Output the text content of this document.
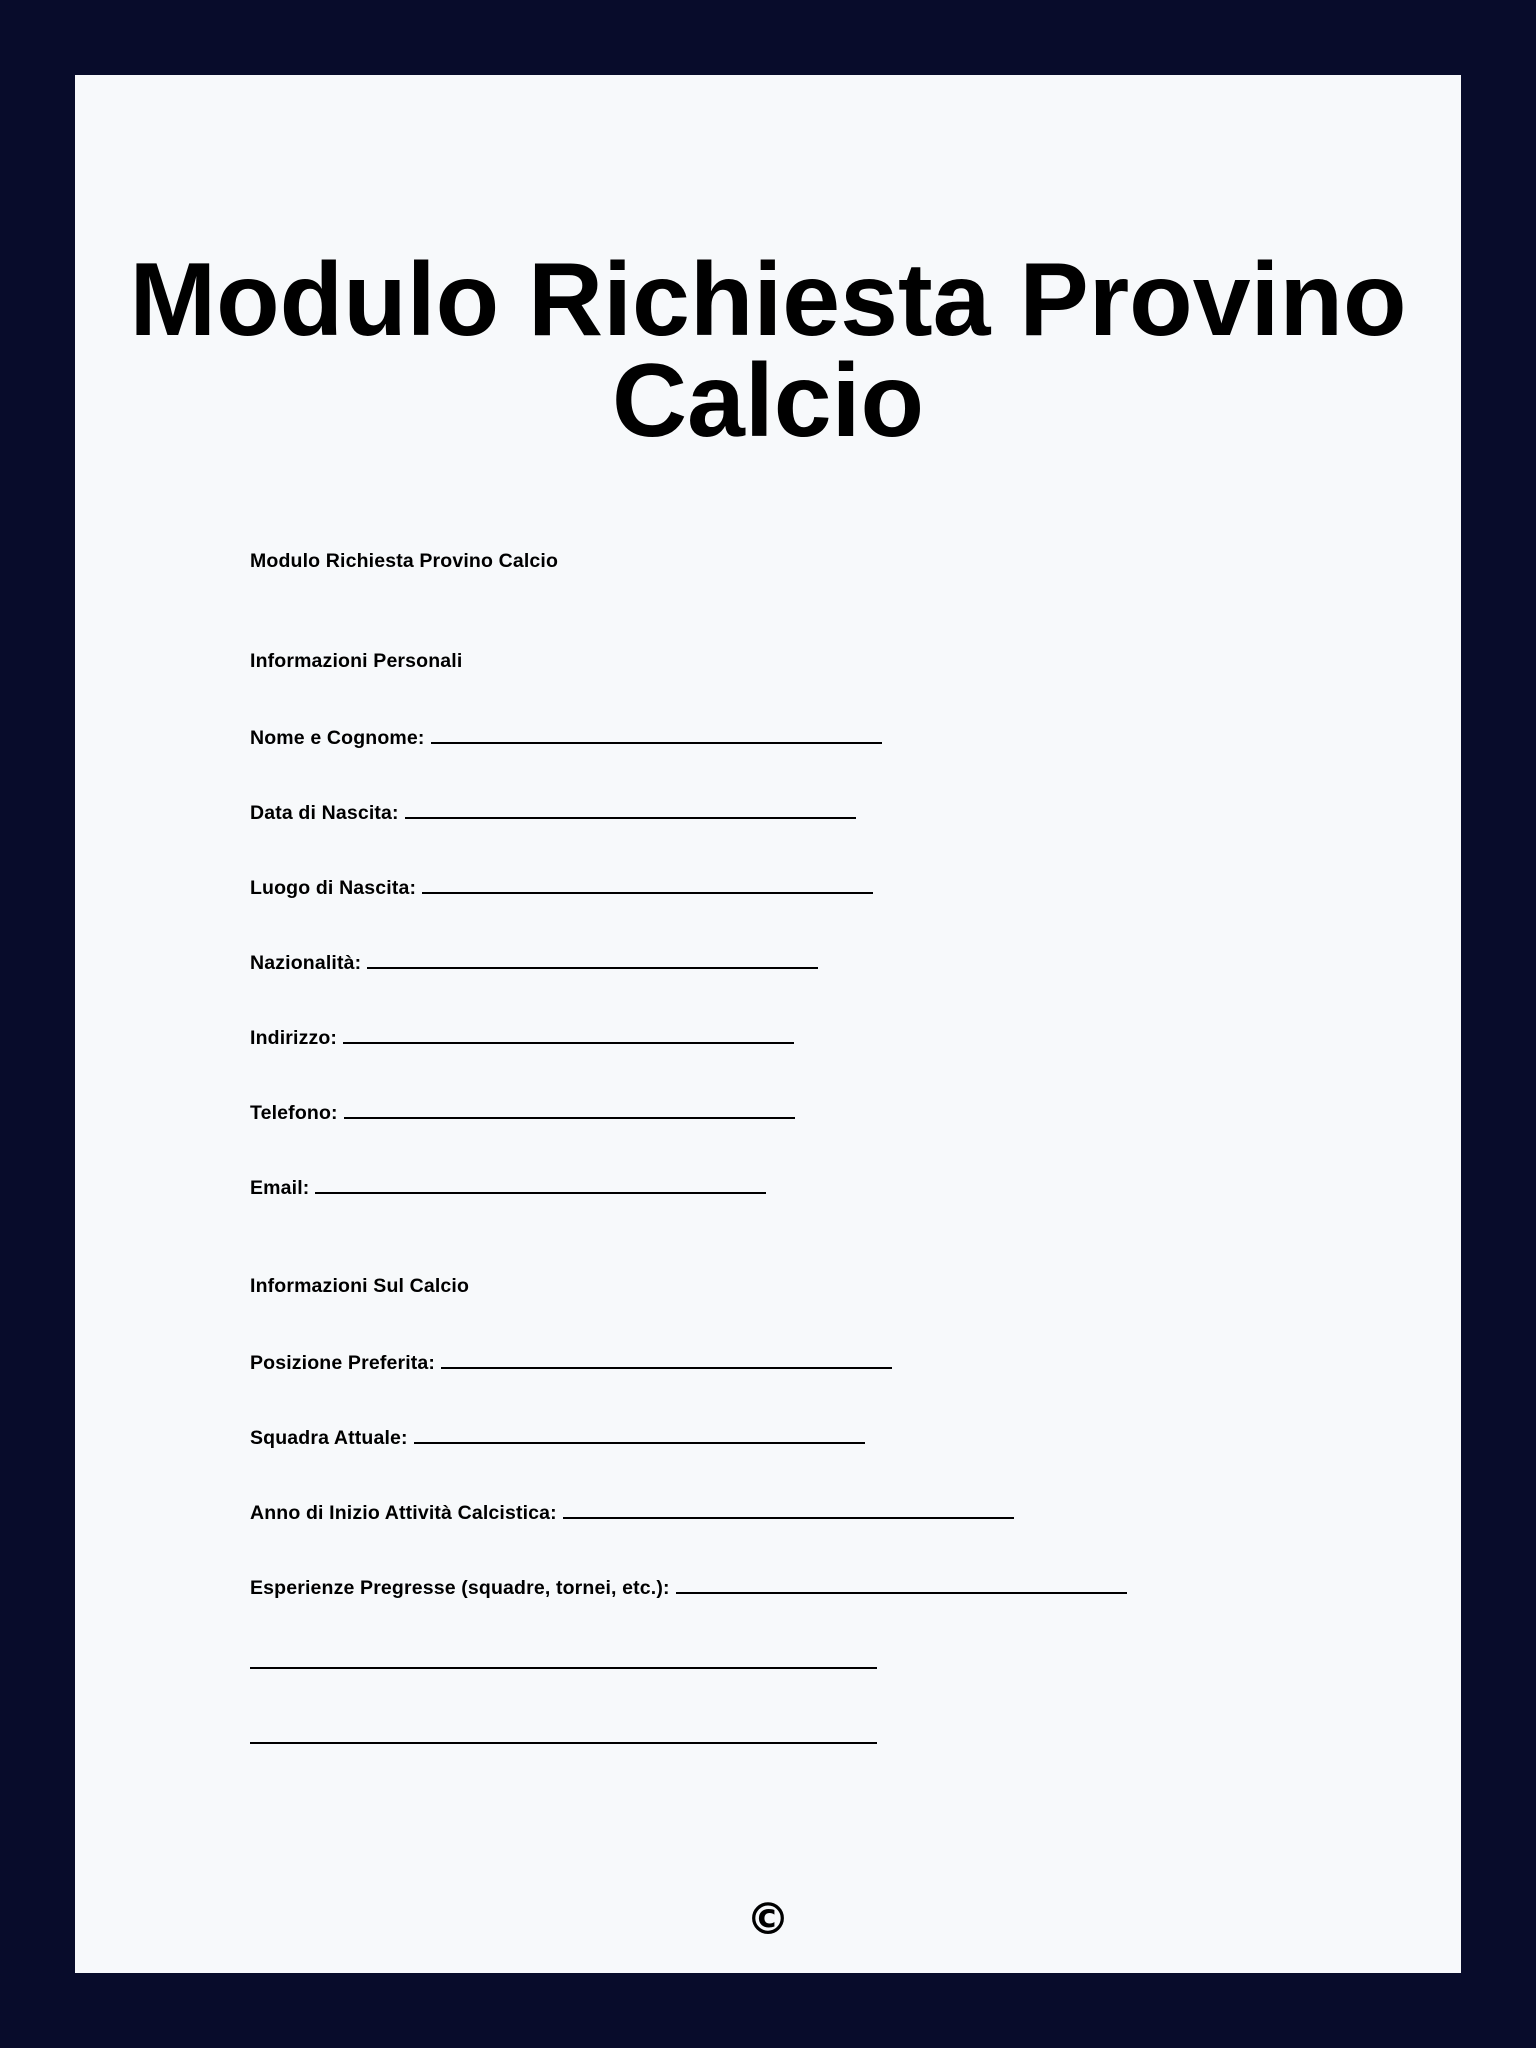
Modulo Richiesta Provino Calcio
Modulo Richiesta Provino Calcio
Informazioni Personali
Nome e Cognome:
Data di Nascita:
Luogo di Nascita:
Nazionalità:
Indirizzo:
Telefono:
Email:
Informazioni Sul Calcio
Posizione Preferita:
Squadra Attuale:
Anno di Inizio Attività Calcistica:
Esperienze Pregresse (squadre, tornei, etc.):
©
